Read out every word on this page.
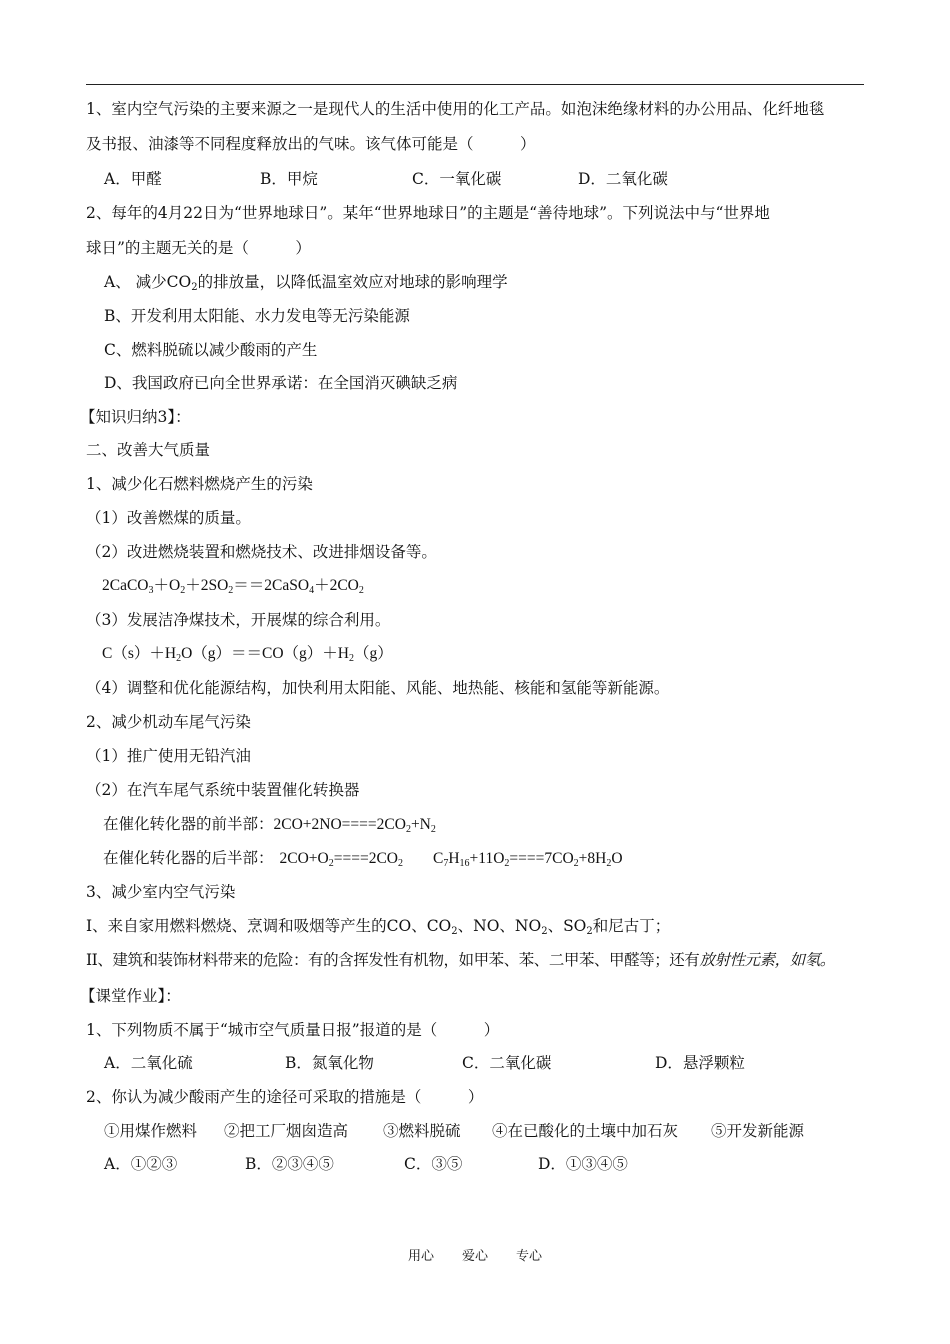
1、室内空气污染的主要来源之一是现代人的生活中使用的化工产品。如泡沫绝缘材料的办公用品、化纤地毯
及书报、油漆等不同程度释放出的气味。该气体可能是（　　　）
A．甲醛	B．甲烷	C．一氧化碳	D．二氧化碳
2、每年的4月22日为“世界地球日”。某年“世界地球日”的主题是“善待地球”。下列说法中与“世界地
球日”的主题无关的是（　　　）
A、 减少$CO_2$的排放量，以降低温室效应对地球的影响理学
B、开发利用太阳能、水力发电等无污染能源
C、燃料脱硫以减少酸雨的产生
D、我国政府已向全世界承诺：在全国消灭碘缺乏病
【知识归纳3】：
二、改善大气质量
1、减少化石燃料燃烧产生的污染
（1）改善燃煤的质量。
（2）改进燃烧装置和燃烧技术、改进排烟设备等。
$2CaCO_3+O_2+2SO_2==2CaSO_4+2CO_2$
（3）发展洁净煤技术，开展煤的综合利用。
$C(s)+H_2O(g)==CO(g)+H_2(g)$
（4）调整和优化能源结构，加快利用太阳能、风能、地热能、核能和氢能等新能源。
2、减少机动车尾气污染
（1）推广使用无铅汽油
（2）在汽车尾气系统中装置催化转换器
在催化转化器的前半部：$2CO+2NO====2CO_2+N_2$
在催化转化器的后半部： $2CO+O_2====2CO_2$ $C_7H_{16}+11O_2====7CO_2+8H_2O$
3、减少室内空气污染
I、来自家用燃料燃烧、烹调和吸烟等产生的CO、$CO_2$、NO、$NO_2$、$SO_2$和尼古丁；
II、建筑和装饰材料带来的危险：有的含挥发性有机物，如甲苯、苯、二甲苯、甲醛等；还有放射性元素，如氡。
【课堂作业】：
1、下列物质不属于“城市空气质量日报”报道的是（　　　）
A．二氧化硫	B．氮氧化物	C．二氧化碳	D．悬浮颗粒
2、你认为减少酸雨产生的途径可采取的措施是（　　　）
①用煤作燃料 ②把工厂烟囱造高 ③燃料脱硫 ④在已酸化的土壤中加石灰 ⑤开发新能源
A．①②③	B．②③④⑤	C．③⑤	D．①③④⑤
用心 爱心 专心
